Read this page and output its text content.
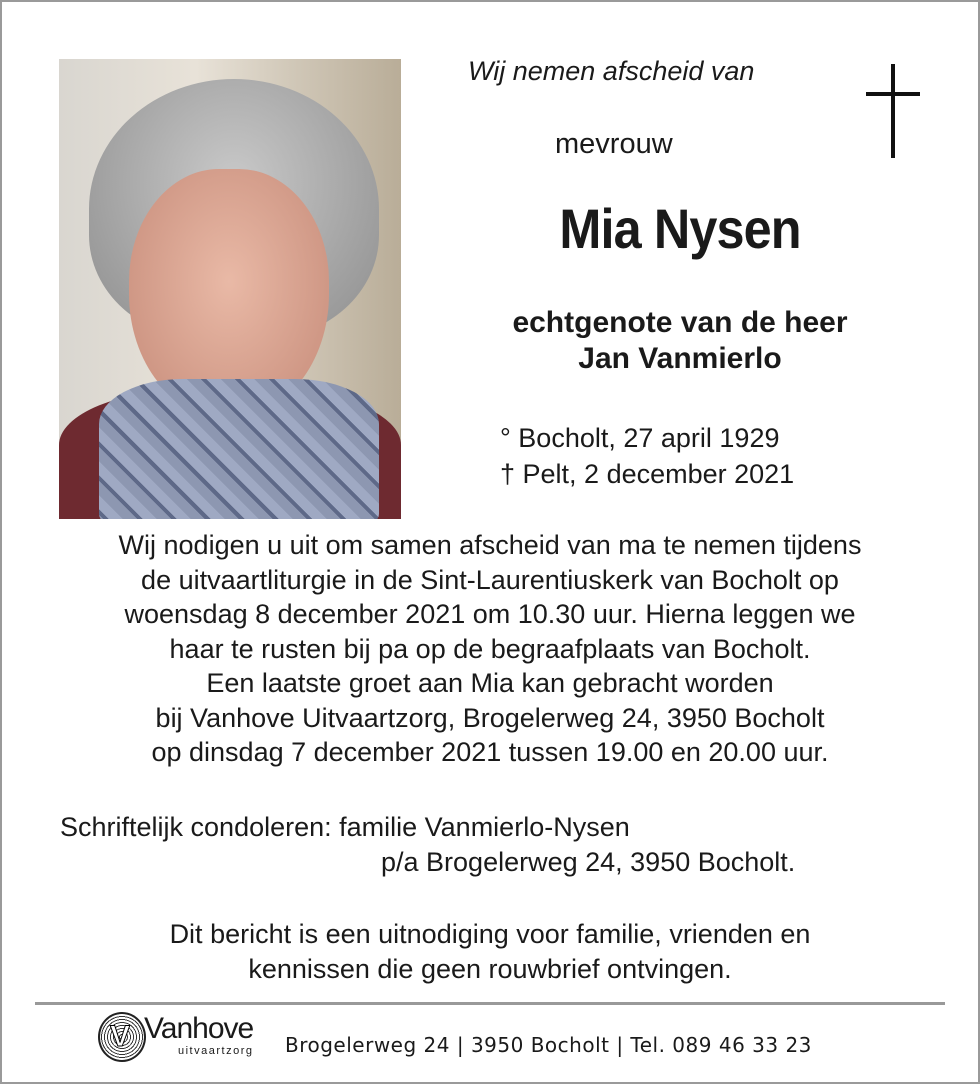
Wij nemen afscheid van
mevrouw
Mia Nysen
echtgenote van de heer
Jan Vanmierlo
° Bocholt, 27 april 1929
† Pelt, 2 december 2021
Wij nodigen u uit om samen afscheid van ma te nemen tijdens
de uitvaartliturgie in de Sint-Laurentiuskerk van Bocholt op
woensdag 8 december 2021 om 10.30 uur. Hierna leggen we
haar te rusten bij pa op de begraafplaats van Bocholt.
Een laatste groet aan Mia kan gebracht worden
bij Vanhove Uitvaartzorg, Brogelerweg 24, 3950 Bocholt
op dinsdag 7 december 2021 tussen 19.00 en 20.00 uur.
Schriftelijk condoleren: familie Vanmierlo-Nysen
p/a Brogelerweg 24, 3950 Bocholt.
Dit bericht is een uitnodiging voor familie, vrienden en
kennissen die geen rouwbrief ontvingen.
V Vanhove
uitvaartzorg Brogelerweg 24 | 3950 Bocholt | Tel. 089 46 33 23
